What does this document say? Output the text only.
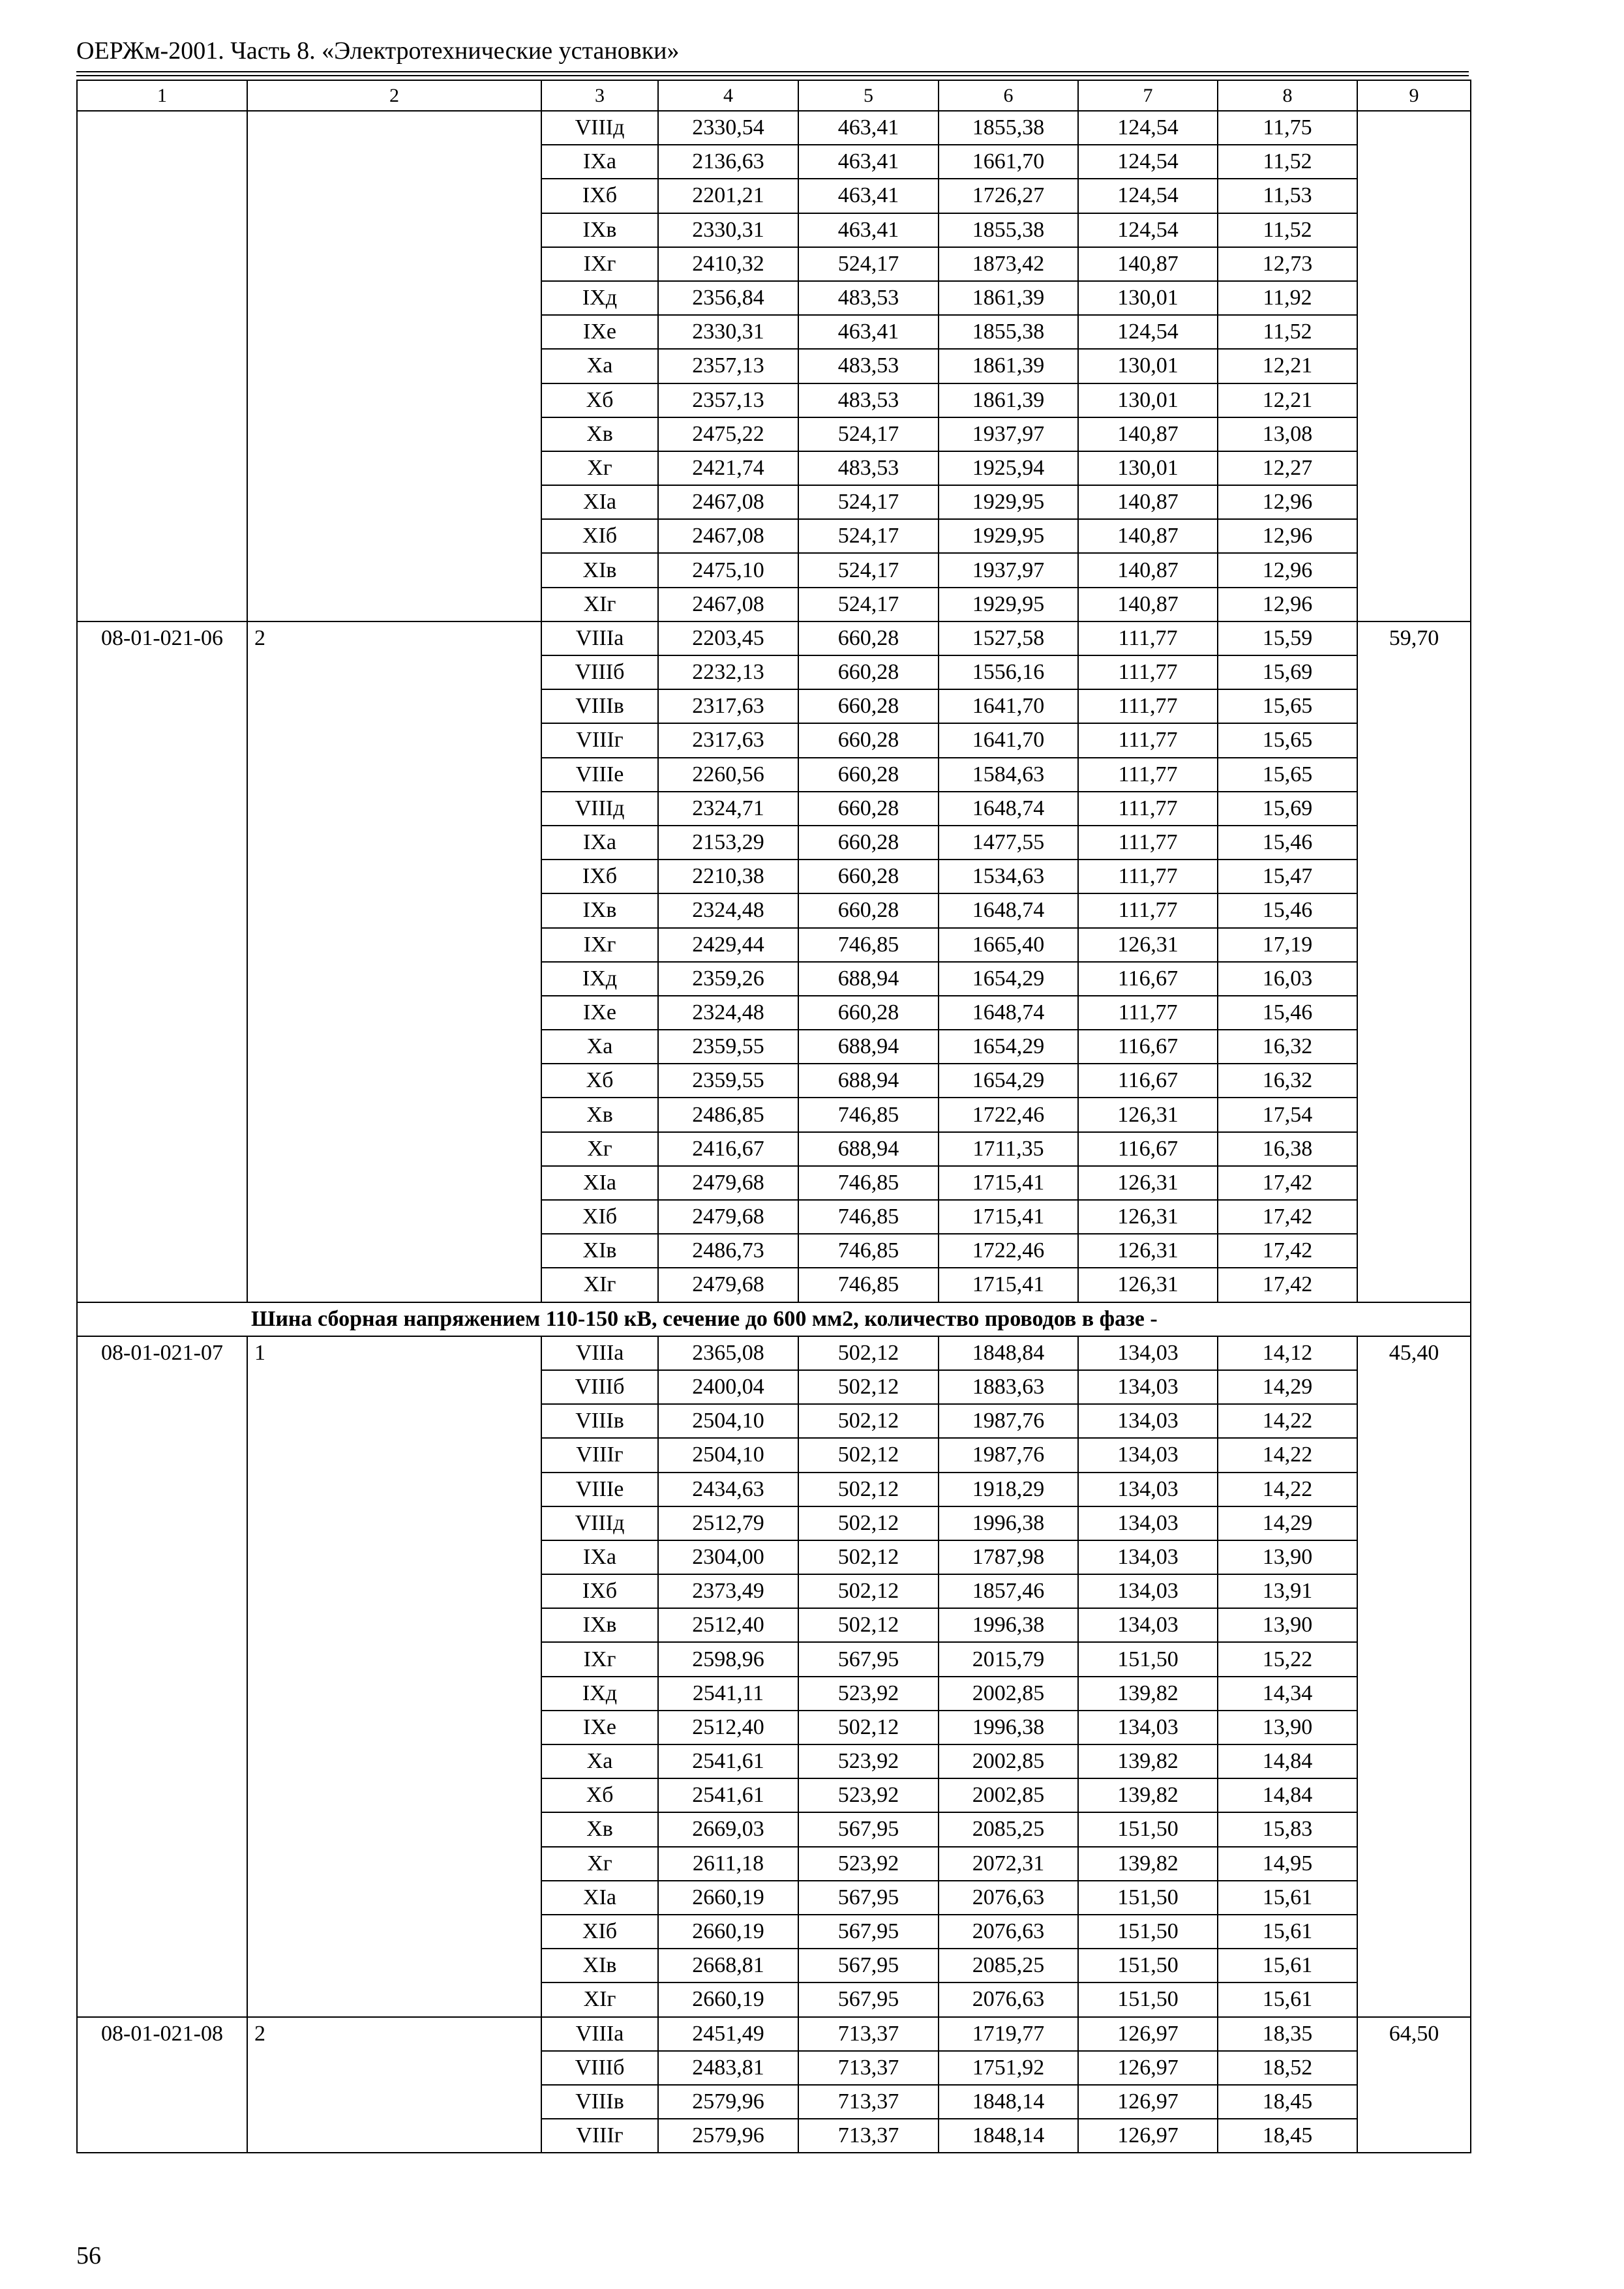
ОЕРЖм-2001. Часть 8. «Электротехнические установки»
1	2	3	4	5	6	7	8	9
		VIIIд	2330,54	463,41	1855,38	124,54	11,75	
		IXa	2136,63	463,41	1661,70	124,54	11,52	
		IXб	2201,21	463,41	1726,27	124,54	11,53	
		IXв	2330,31	463,41	1855,38	124,54	11,52	
		IXг	2410,32	524,17	1873,42	140,87	12,73	
		IXд	2356,84	483,53	1861,39	130,01	11,92	
		IXe	2330,31	463,41	1855,38	124,54	11,52	
		Xa	2357,13	483,53	1861,39	130,01	12,21	
		Xб	2357,13	483,53	1861,39	130,01	12,21	
		Xв	2475,22	524,17	1937,97	140,87	13,08	
		Xг	2421,74	483,53	1925,94	130,01	12,27	
		XIa	2467,08	524,17	1929,95	140,87	12,96	
		XIб	2467,08	524,17	1929,95	140,87	12,96	
		XIв	2475,10	524,17	1937,97	140,87	12,96	
		XIг	2467,08	524,17	1929,95	140,87	12,96	
08-01-021-06	2	VIIIa	2203,45	660,28	1527,58	111,77	15,59	59,70
		VIIIб	2232,13	660,28	1556,16	111,77	15,69	
		VIIIв	2317,63	660,28	1641,70	111,77	15,65	
		VIIIг	2317,63	660,28	1641,70	111,77	15,65	
		VIIIe	2260,56	660,28	1584,63	111,77	15,65	
		VIIIд	2324,71	660,28	1648,74	111,77	15,69	
		IXa	2153,29	660,28	1477,55	111,77	15,46	
		IXб	2210,38	660,28	1534,63	111,77	15,47	
		IXв	2324,48	660,28	1648,74	111,77	15,46	
		IXг	2429,44	746,85	1665,40	126,31	17,19	
		IXд	2359,26	688,94	1654,29	116,67	16,03	
		IXe	2324,48	660,28	1648,74	111,77	15,46	
		Xa	2359,55	688,94	1654,29	116,67	16,32	
		Xб	2359,55	688,94	1654,29	116,67	16,32	
		Xв	2486,85	746,85	1722,46	126,31	17,54	
		Xг	2416,67	688,94	1711,35	116,67	16,38	
		XIa	2479,68	746,85	1715,41	126,31	17,42	
		XIб	2479,68	746,85	1715,41	126,31	17,42	
		XIв	2486,73	746,85	1722,46	126,31	17,42	
		XIг	2479,68	746,85	1715,41	126,31	17,42	
Шина сборная напряжением 110-150 кВ, сечение до 600 мм2, количество проводов в фазе -								
08-01-021-07	1	VIIIa	2365,08	502,12	1848,84	134,03	14,12	45,40
		VIIIб	2400,04	502,12	1883,63	134,03	14,29	
		VIIIв	2504,10	502,12	1987,76	134,03	14,22	
		VIIIг	2504,10	502,12	1987,76	134,03	14,22	
		VIIIe	2434,63	502,12	1918,29	134,03	14,22	
		VIIIд	2512,79	502,12	1996,38	134,03	14,29	
		IXa	2304,00	502,12	1787,98	134,03	13,90	
		IXб	2373,49	502,12	1857,46	134,03	13,91	
		IXв	2512,40	502,12	1996,38	134,03	13,90	
		IXг	2598,96	567,95	2015,79	151,50	15,22	
		IXд	2541,11	523,92	2002,85	139,82	14,34	
		IXe	2512,40	502,12	1996,38	134,03	13,90	
		Xa	2541,61	523,92	2002,85	139,82	14,84	
		Xб	2541,61	523,92	2002,85	139,82	14,84	
		Xв	2669,03	567,95	2085,25	151,50	15,83	
		Xг	2611,18	523,92	2072,31	139,82	14,95	
		XIa	2660,19	567,95	2076,63	151,50	15,61	
		XIб	2660,19	567,95	2076,63	151,50	15,61	
		XIв	2668,81	567,95	2085,25	151,50	15,61	
		XIг	2660,19	567,95	2076,63	151,50	15,61	
08-01-021-08	2	VIIIa	2451,49	713,37	1719,77	126,97	18,35	64,50
		VIIIб	2483,81	713,37	1751,92	126,97	18,52	
		VIIIв	2579,96	713,37	1848,14	126,97	18,45	
		VIIIг	2579,96	713,37	1848,14	126,97	18,45	
56
